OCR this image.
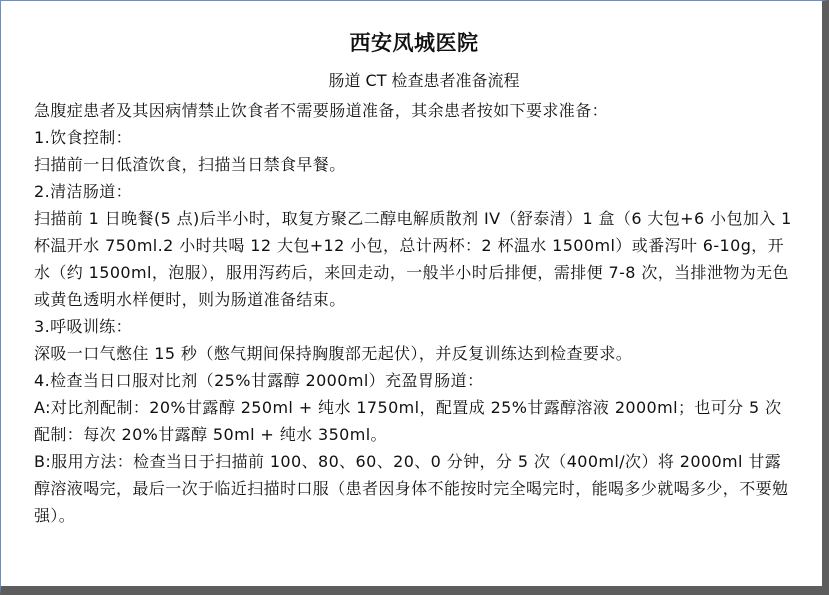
西安凤城医院
肠道 CT 检查患者准备流程

急腹症患者及其因病情禁止饮食者不需要肠道准备，其余患者按如下要求准备：

1.饮食控制：

扫描前一日低渣饮食，扫描当日禁食早餐。

2.清洁肠道：

扫描前 1 日晚餐(5 点)后半小时，取复方聚乙二醇电解质散剂 IV（舒泰清）1 盒（6 大包+6 小包加入 1 杯温开水 750ml.2 小时共喝 12 大包+12 小包，总计两杯：2 杯温水 1500ml）或番泻叶 6-10g，开水（约 1500ml，泡服），服用泻药后，来回走动，一般半小时后排便，需排便 7-8 次，当排泄物为无色或黄色透明水样便时，则为肠道准备结束。

3.呼吸训练：

深吸一口气憋住 15 秒（憋气期间保持胸腹部无起伏），并反复训练达到检查要求。

4.检查当日口服对比剂（25%甘露醇 2000ml）充盈胃肠道：

A:对比剂配制：20%甘露醇 250ml + 纯水 1750ml，配置成 25%甘露醇溶液 2000ml；也可分 5 次配制：每次 20%甘露醇 50ml + 纯水 350ml。

B:服用方法：检查当日于扫描前 100、80、60、20、0 分钟，分 5 次（400ml/次）将 2000ml 甘露醇溶液喝完，最后一次于临近扫描时口服（患者因身体不能按时完全喝完时，能喝多少就喝多少，不要勉强）。
